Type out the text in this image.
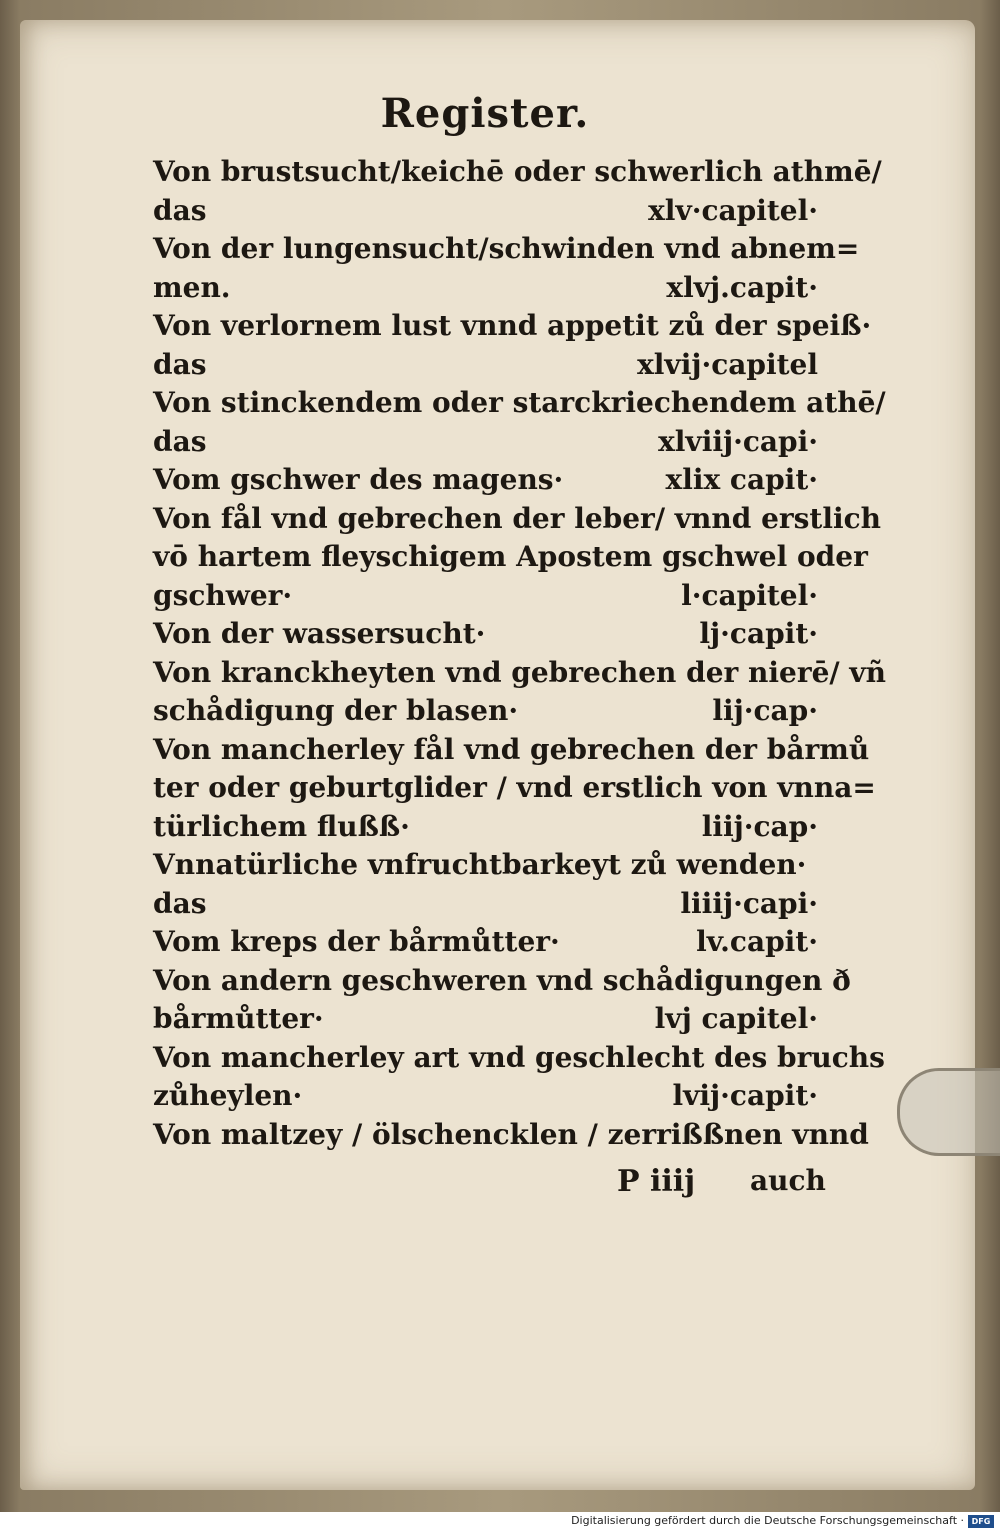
Register.
Von brustsucht/keichē oder schwerlich athmē/
das	xlv·capitel·
Von der lungensucht/schwinden vnd abnem=
men.	xlvj.capit·
Von verlornem lust vnnd appetit zů der speiß·
das	xlvij·capitel
Von stinckendem oder starckriechendem athē/
das	xlviij·capi·
Vom gschwer des magens·	xlix capit·
Von fål vnd gebrechen der leber/ vnnd erstlich
vō hartem fleyschigem Apostem gschwel oder
gschwer·	l·capitel·
Von der wassersucht·	lj·capit·
Von kranckheyten vnd gebrechen der nierē/ vñ
schådigung der blasen·	lij·cap·
Von mancherley fål vnd gebrechen der bårmů
ter oder geburtglider / vnd erstlich von vnna=
türlichem flußß·	liij·cap·
Vnnatürliche vnfruchtbarkeyt zů wenden·
das	liiij·capi·
Vom kreps der bårmůtter·	lv.capit·
Von andern geschweren vnd schådigungen ð
bårmůtter·	lvj capitel·
Von mancherley art vnd geschlecht des bruchs
zůheylen·	lvij·capit·
Von maltzey / ölschencklen / zerrißßnen vnnd
P iiij auch
Digitalisierung gefördert durch die Deutsche Forschungsgemeinschaft · DFG
